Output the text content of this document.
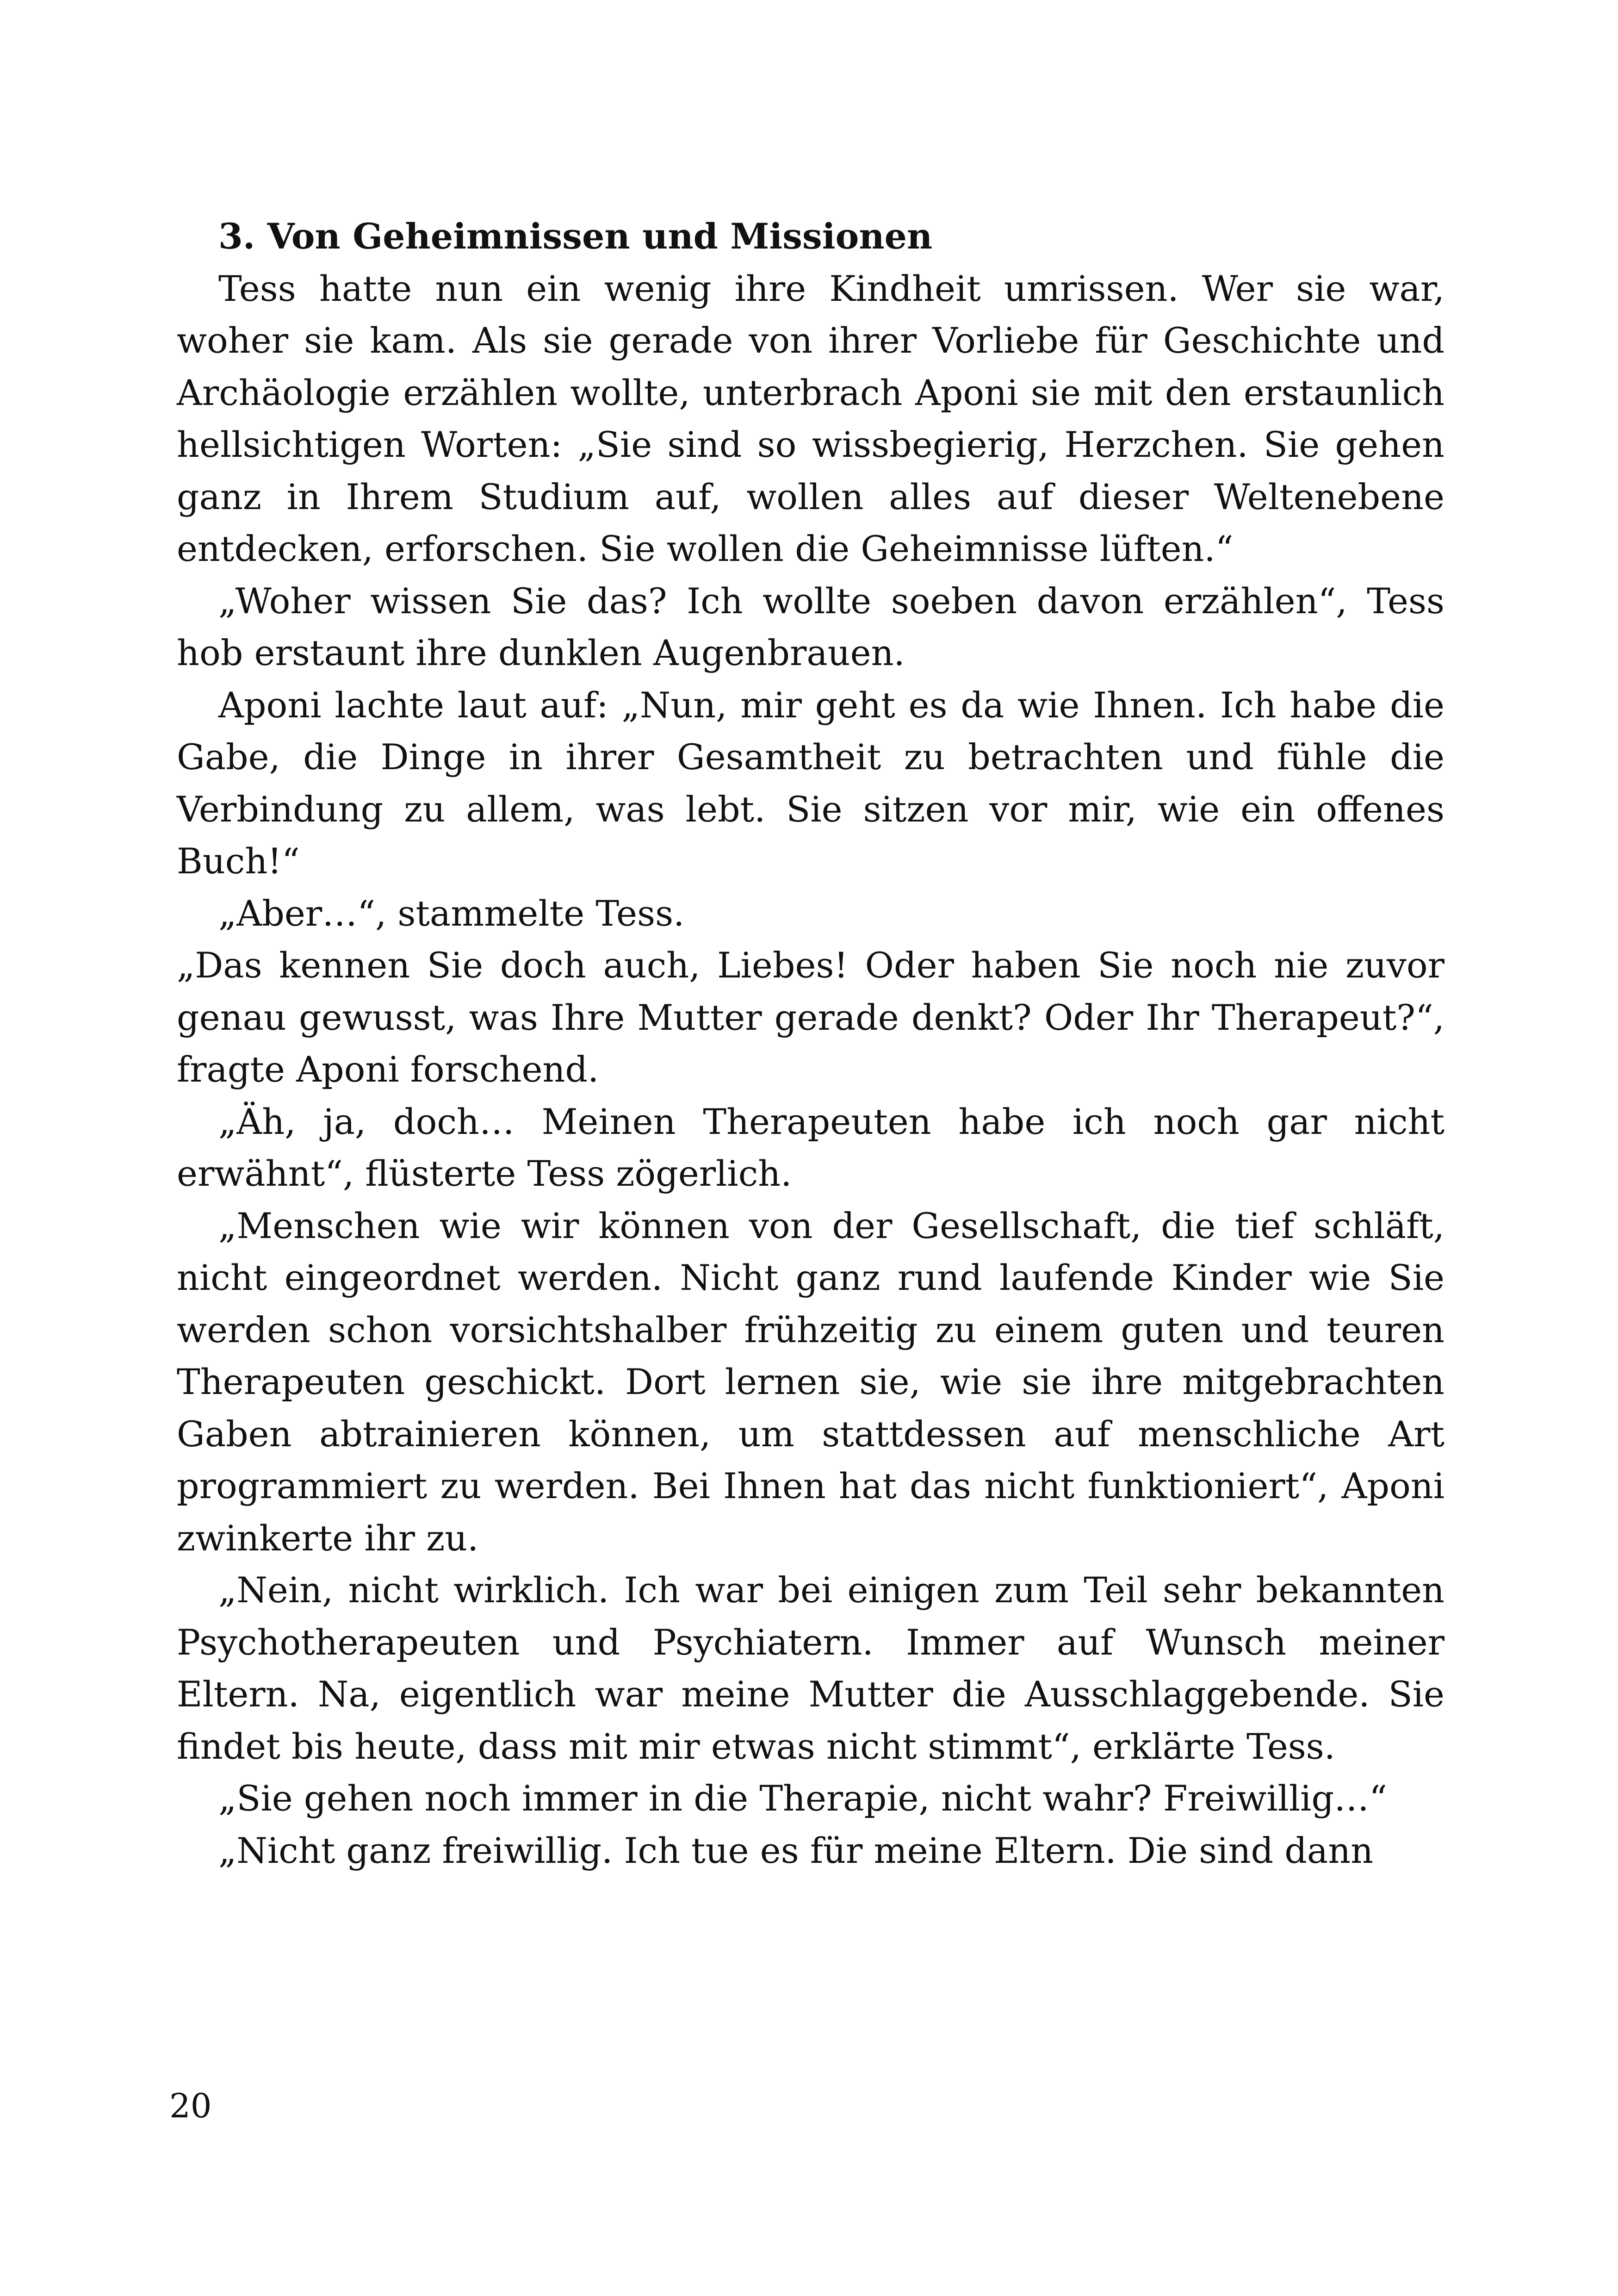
3. Von Geheimnissen und Missionen

Tess hatte nun ein wenig ihre Kindheit umrissen. Wer sie war, woher sie kam. Als sie gerade von ihrer Vorliebe für Geschichte und Archäologie erzählen wollte, unterbrach Aponi sie mit den erstaunlich hellsichtigen Worten: „Sie sind so wissbegierig, Herzchen. Sie gehen ganz in Ihrem Studium auf, wollen alles auf dieser Weltenebene entdecken, erforschen. Sie wollen die Geheimnisse lüften.“

„Woher wissen Sie das? Ich wollte soeben davon erzählen“, Tess hob erstaunt ihre dunklen Augenbrauen.

Aponi lachte laut auf: „Nun, mir geht es da wie Ihnen. Ich habe die Gabe, die Dinge in ihrer Gesamtheit zu betrachten und fühle die Verbindung zu allem, was lebt. Sie sitzen vor mir, wie ein offenes Buch!“

„Aber…“, stammelte Tess.

„Das kennen Sie doch auch, Liebes! Oder haben Sie noch nie zuvor genau gewusst, was Ihre Mutter gerade denkt? Oder Ihr Therapeut?“, fragte Aponi forschend.

„Äh, ja, doch… Meinen Therapeuten habe ich noch gar nicht erwähnt“, flüsterte Tess zögerlich.

„Menschen wie wir können von der Gesellschaft, die tief schläft, nicht eingeordnet werden. Nicht ganz rund laufende Kinder wie Sie werden schon vorsichtshalber frühzeitig zu einem guten und teuren Therapeuten geschickt. Dort lernen sie, wie sie ihre mitgebrachten Gaben abtrainieren können, um stattdessen auf menschliche Art programmiert zu werden. Bei Ihnen hat das nicht funktioniert“, Aponi zwinkerte ihr zu.

„Nein, nicht wirklich. Ich war bei einigen zum Teil sehr bekannten Psychotherapeuten und Psychiatern. Immer auf Wunsch meiner Eltern. Na, eigentlich war meine Mutter die Ausschlaggebende. Sie findet bis heute, dass mit mir etwas nicht stimmt“, erklärte Tess.

„Sie gehen noch immer in die Therapie, nicht wahr? Freiwillig…“

„Nicht ganz freiwillig. Ich tue es für meine Eltern. Die sind dann

20
